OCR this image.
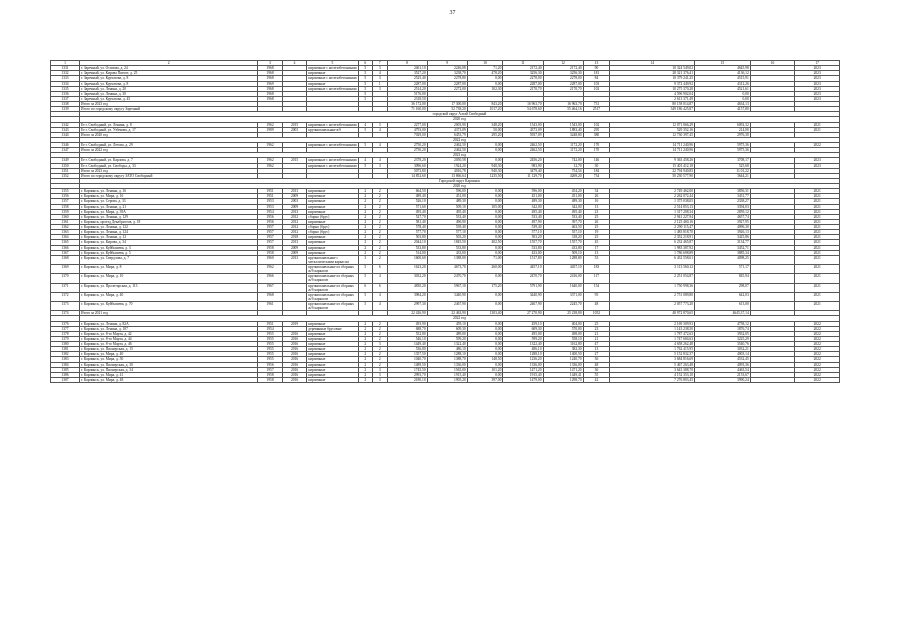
37
1	2	3	4	5	6	7	8	9	10	11	12	13	14	15	16	17
1331	г. Заречный, ул. Осипова, д. 24	1968		кирпичные с железобетонными	5	3	2461,10	2246,08	71,20	2172,40	2172,40	90	10 324 549,02	4645,98		2023
1332	г. Заречный, ул. Кирова Пятиэт, д. 25	1968		кирпичные	5	4	3527,20	3238,70	478,20	3256,30	3256,30	181	28 321 376,41	4136,12		2023
1333	г. Заречный, ул. Курчатова, д. 8	1968		кирпичные с железобетонными	5	3	2525,40	2278,80	0,00	2278,00	2278,00	84	10 379 241,25	4515,91		2023
1334	г. Заречный, ул. Курчатова, д. 8	1969		кирпичные	5	1	2287,00	2287,00	0,00	2287,00	2287,00	103	9 372 449,92	4312,26		2023
1335	г. Заречный, ул. Ленина, д. 20	1968		кирпичные с железобетонными	5	3	2514,20	2272,00	102,30	2170,70	2170,70	102	10 275 370,28	4521,61		2023
1336	г. Заречный, ул. Ленина, д. 30	1968			5		5176,00						4 596 902,04	0,00		2023
1337	г. Заречный, ул. Курчатова, д. 45	1968			5		2318,50						2 613 371,49	0,00		2023
1338	Итого за 2023 год						36 172,00	17 300,00	843,20	16 963,70	16 963,70	731	80 158 014,87	4634,13		
1339	Итого по городскому округу Заречный						71 160,00	52 738,20	1017,20	54 678,60	55 464,16	2517	349 186 425,87	4157,80		
	городской округ Алтай Свободный															
	2020 год															
1342	Ее г. Свободный, ул. Ленина, д. 8	1962	2015	кирпичные с железобетонными	4	3	2277,00	2003,90	348,20	1543,00	1543,00	102	12 071 066,29	6092,32		2021
1343	Ее г. Свободный, ул. Узбекова, д. 17	1989	2003	крупнопанельные в/б	5	4	4793,00	4373,09	50,00	4373,09	1883,40	295	529 352,16	214,00		2021
1344	Итого за 2020 год						7029,00	6453,79	295,20	5937,09	3248,80	380	12 730 397,45	2976,30		
	2022 год															
1346	Ее г. Свободный, ул. Летова, д. 29	1962		кирпичные с железобетонными	5	4	2750,20	2462,50	0,00	2462,50	1172,20	170	14 711 240,96	5975,36		2022
1347	Итого за 2022 год						2750,20	2462,50	0,00	2462,50	1172,20	170	14 711 240,96	5975,36		
	2023 год															
1349	Ее г. Свободный, ул. Карлова, д. 7	1962	2015	кирпичные с железобетонными	4	4	2378,20	2050,58	0,00	2456,20	742,00	146	9 363 458,26	3708,17		2023
1350	Ее г. Свободный, ул. Свободы, д. 33	1962		кирпичные с железобетонными	5	3	3096,60	1924,20	940,30	983,90	12,70	30	15 401 412,18	525,68		2023
1351	Итого за 2023 год						5073,80	4016,78	940,30	3479,40	754,54	184	22 794 940,85	11 01,22		
1352	Итого по городскому округу ЗАТО Свободный						14 852,60	13 866,64	1235,50	11 129,70	4269,20	734	50 230 577,90	3644,21		
	Городской округ Карпинск															
	2020 год															
1355	г. Карпинск, ул. Ленина, д. 16	1951	2013	кирпичные	2	2	664,50	596,00	0,00	596,00	454,20	34	2 749 462,00	3856,31		2021
1356	г. Карпинск, ул. Мира, д. 16	1951	2009	кирпичные	2	2	489,40	451,00	0,00	451,00	451,00	26	2 262 072,44	3431,77		2021
1357	г. Карпинск, ул. Серова, д. 33	1953	2003	кирпичные	2	2	526,10	489,30	0,00	489,30	489,30	16	1 375 038,05	2338,27		2021
1358	г. Карпинск, ул. Ленина, д. 21	1953	2009	кирпичные	2	2	571,60	509,10	105,00	342,00	342,00	13	2 514 853,13	3394,03		2021
1359	г. Карпинск, ул. Мира, д. 39А	1954	2013	кирпичные	2	2	495,40	495,40	0,00	495,40	495,40	23	1 317 208,34	2859,12		2021
1360	г. Карпинск, ул. Ленина, д. 129	1956	2012	сборно (брус)	2	2	527,70	533,40	0,00	533,40	533,40	25	2 941 227,94	4657,74		2021
1361	г. Карпинск, проезд Декабристов, д. 18	1956	2012	кирпичные	2	2	581,40	496,90	0,00	497,90	397,70	26	2 125 460,16	3927,95		2021
1362	г. Карпинск, ул. Ленина, д. 122	1957	2012	сборно (брус)	2	2	578,40	539,40	0,00	539,40	463,50	25	2 290 115,47	4096,30		2021
1363	г. Карпинск, ул. Ленина, д. 124	1957	2012	сборно (брус)	2	2	577,70	577,10	0,00	577,10	557,10	19	1 483 818,70	3926,13		2021
1364	г. Карпинск, ул. Ленина, д. 12	1957	2018	кирпичные	2	2	503,80	503,20	0,00	503,20	318,20	25	2 352 218,91	3425,86		2021
1365	г. Карпинск, ул. Кирова, д. 34	1957	2013	кирпичные	2	2	2044,10	1845,50	402,50	1557,70	1557,70	45	6 232 465,87	3134,77		2021
1366	г. Карпинск, ул. Куйбышева, д. 3	1958	2009	кирпичные	2	2	533,80	533,80	0,00	533,80	433,80	17	1 983 387,92	3452,71		2021
1367	г. Карпинск, ул. Куйбышева, д. 5	1958	2009	кирпичные	2	2	514,00	433,00	0,00	433,00	509,10	13	1 786 698,89	3885,34		2021
1368	г. Карпинск, ул. Свердлова, д. 7	1960	2013	крупнопанельные с металлическими каркасом	3	2	1600,60	1388,00	71,00	1517,80	1288,80	53	6 432 558,61	4098,25		2021
1369	г. Карпинск, ул. Мира, д. 8	1962		крупнопанельные из сборных ж/б каркасов	5	6	1623,20	4673,70	260,00	4457,10	4457,10	183	3 113 560,12	571,17		2021
1370	г. Карпинск, ул. Мира, д. 10	1966		крупнопанельные из сборных ж/б каркасов	5	4	3032,20	2470,70	0,00	2470,70	2416,00	117	2 251 054,87	845,94		2021
1371	г. Карпинск, ул. Пролетарская, д. 113	1967		крупнопанельные из сборных ж/б каркасов	6	6	4830,20	5967,10	175,20	5791,90	1640,00	154	1 750 998,36	298,07		2021
1372	г. Карпинск, ул. Мира, д. 40	1968		крупнопанельные из сборных ж/б каркасов	5	4	3984,20	3440,90	0,00	3440,90	3371,00	95	2 751 089,80	642,03		2021
1373	г. Карпинск, ул. Куйбышева, д. 70	1961		крупнопанельные из сборных ж/б каркасов	5	4	2997,30	2467,90	0,00	2467,90	2245,70	48	2 057 773,20	613,00		2021
1374	Итого за 2021 год						22 426,90	22 463,90	1303,40	27 270,90	25 238,80	1052	48 972 870,65	4645,37,14		
	2022 год															
1376	г. Карпинск, ул. Ленина, д. 82А	1951	2019	кирпичные	2	2	493,90	459,10	0,00	459,10	404,00	25	2 169 309,93	4758,12		2022
1377	г. Карпинск, ул. Ленина, д. 187	1954		деревянные брусовые	2	2	688,70	609,30	0,00	609,30	570,00	23	1 143 238,50	1876,74		2022
1378	г. Карпинск, ул. 8-го Марта, д. 42	1955	2016	кирпичные	2	2	552,80	489,00	0,00	495,00	498,00	21	1 787 472,63	3932,05		2022
1379	г. Карпинск, ул. 8-го Марта, д. 44	1955	2016	кирпичные	2	2	546,10	599,20	0,00	599,20	558,10	21	1 747 684,63	3225,29		2022
1380	г. Карпинск, ул. 8-го Марта, д. 46	1955	2016	кирпичные	2	3	1449,40	1322,40	0,00	1322,40	1162,80	47	4 658 262,48	3540,76		2022
1381	г. Карпинск, ул. Пионерская, д. 15	1955	2016	кирпичные	2	2	536,80	486,10	0,00	486,10	382,30	13	1 762 415,95	3032,21		2022
1382	г. Карпинск, ул. Мира, д. 40	1955	2016	кирпичные	2	2	1357,50	1288,10	0,00	1288,10	1400,50	27	5 152 832,37	4003,14		2022
1383	г. Карпинск, ул. Мира, д. 50	1955	2016	кирпичные	2	2	1040,70	1388,70	148,50	1236,20	1240,70	36	3 684 816,69	4532,45		2022
1384	г. Карпинск, ул. Пионерская, д. 30	1956	2016	кирпичные	2	2	1489,50	1336,00	0,00	1336,00	1336,00	48	5 467 263,48	4093,36		2022
1385	г. Карпинск, ул. Пионерская, д. 34	1957	2016	кирпичные	2	3	1745,50	1565,00	101,20	1471,20	1471,20	36	3 643 388,70	4463,54		2022
1386	г. Карпинск, ул. Мира, д. 41	1958	2016	кирпичные	2	3	2993,70	1915,40	0,00	1915,40	1449,41	55	4 152 353,10	2153,67		2022
1387	г. Карпинск, ул. Мира, д. 48	1958	2016	кирпичные	2	3	2180,10	1905,20	397,00	1479,00	1298,70	42	7 276 803,45	3990,24		2022
